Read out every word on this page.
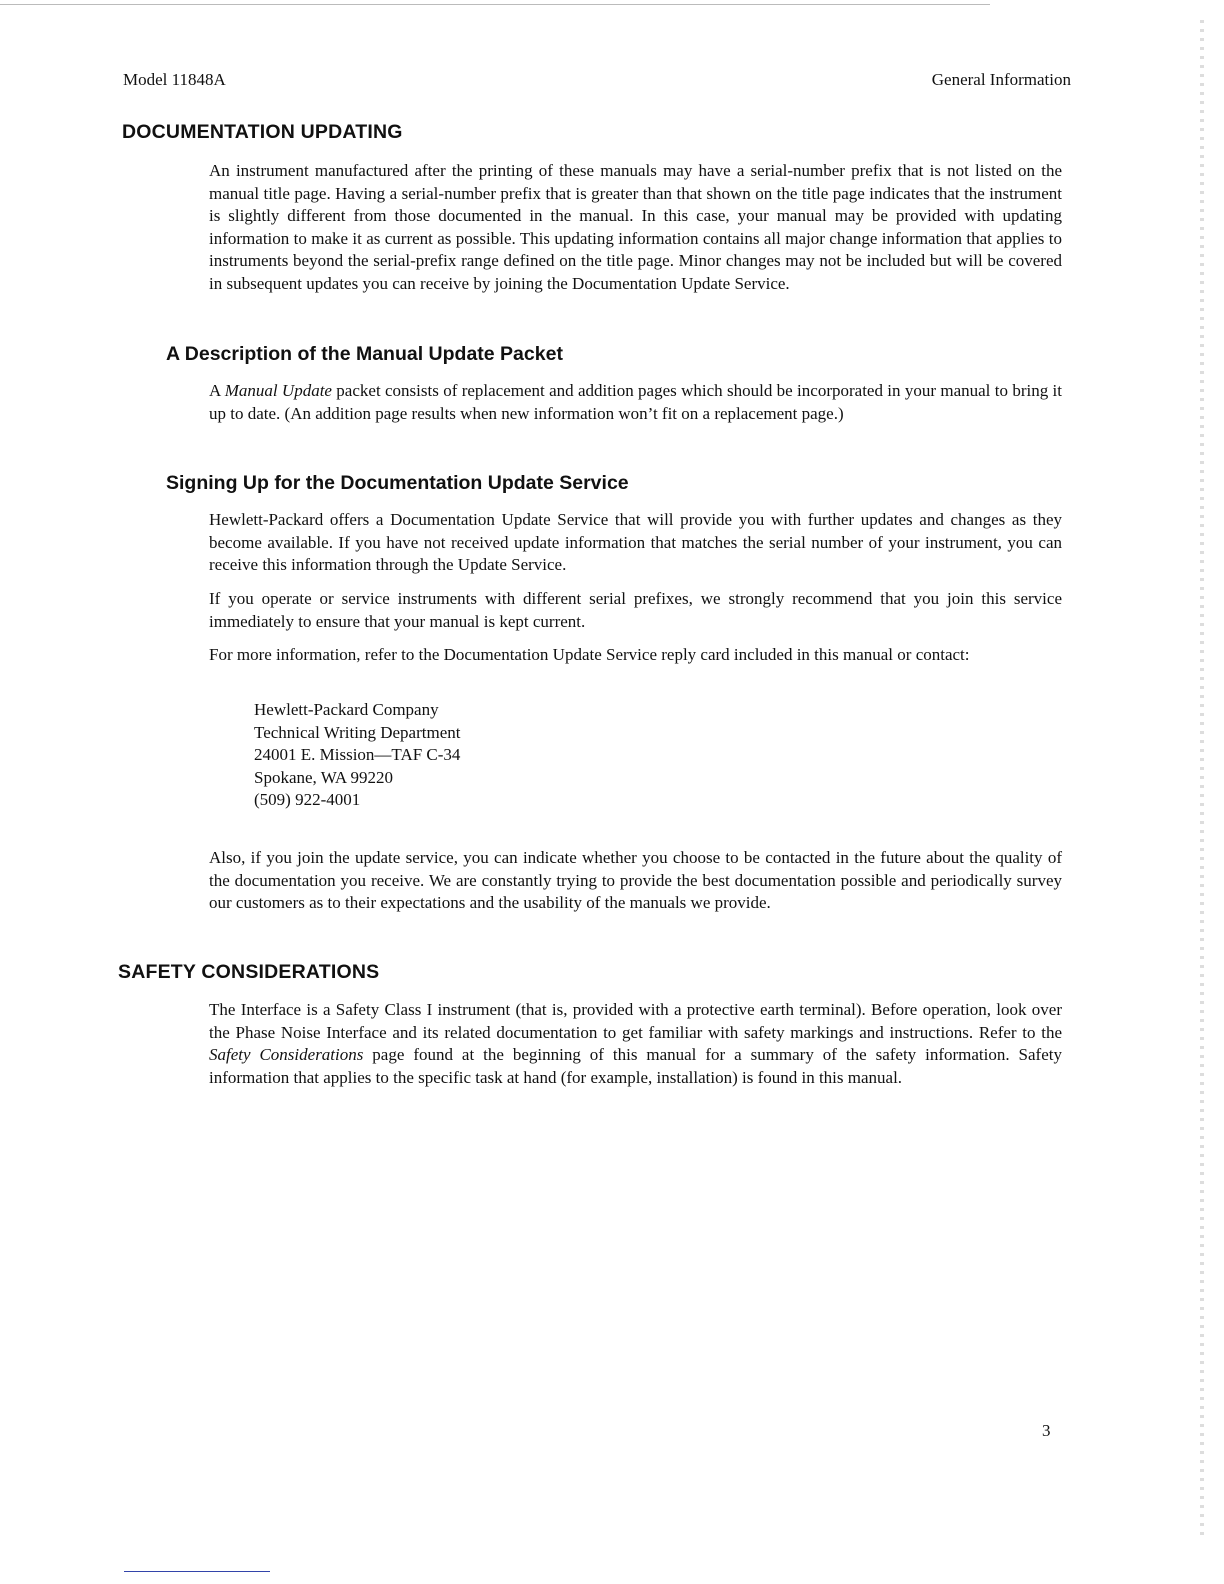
Model 11848A	General Information
DOCUMENTATION UPDATING

An instrument manufactured after the printing of these manuals may have a serial-number prefix that is not listed on the manual title page. Having a serial-number prefix that is greater than that shown on the title page indicates that the instrument is slightly different from those documented in the manual. In this case, your manual may be provided with updating information to make it as current as possible. This updating information contains all major change information that applies to instruments beyond the serial-prefix range defined on the title page. Minor changes may not be included but will be covered in subsequent updates you can receive by joining the Documentation Update Service.

A Description of the Manual Update Packet

A Manual Update packet consists of replacement and addition pages which should be incorporated in your manual to bring it up to date. (An addition page results when new information won’t fit on a replacement page.)

Signing Up for the Documentation Update Service

Hewlett-Packard offers a Documentation Update Service that will provide you with further updates and changes as they become available. If you have not received update information that matches the serial number of your instrument, you can receive this information through the Update Service.

If you operate or service instruments with different serial prefixes, we strongly recommend that you join this service immediately to ensure that your manual is kept current.

For more information, refer to the Documentation Update Service reply card included in this manual or contact:

Hewlett-Packard Company
Technical Writing Department
24001 E. Mission—TAF C-34
Spokane, WA 99220
(509) 922-4001

Also, if you join the update service, you can indicate whether you choose to be contacted in the future about the quality of the documentation you receive. We are constantly trying to provide the best documentation possible and periodically survey our customers as to their expectations and the usability of the manuals we provide.

SAFETY CONSIDERATIONS

The Interface is a Safety Class I instrument (that is, provided with a protective earth terminal). Before operation, look over the Phase Noise Interface and its related documentation to get familiar with safety markings and instructions. Refer to the Safety Considerations page found at the beginning of this manual for a summary of the safety information. Safety information that applies to the specific task at hand (for example, installation) is found in this manual.

3
